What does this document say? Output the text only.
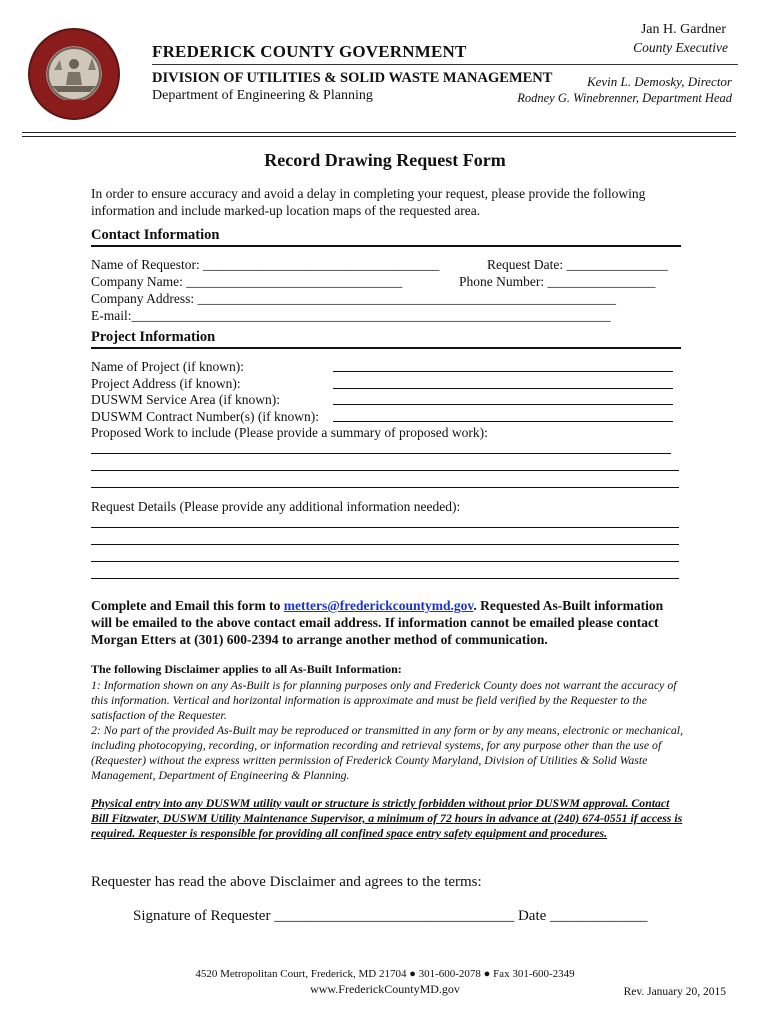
Jan H. Gardner
County Executive
FREDERICK COUNTY GOVERNMENT
DIVISION OF UTILITIES & SOLID WASTE MANAGEMENT	Kevin L. Demosky, Director
Department of Engineering & Planning	Rodney G. Winebrenner, Department Head
Record Drawing Request Form
In order to ensure accuracy and avoid a delay in completing your request, please provide the following information and include marked-up location maps of the requested area.
Contact Information
Name of Requestor: ___________________________________	Request Date: _______________
Company Name: ________________________________	Phone Number: ________________
Company Address: ______________________________________________________________
E-mail:_______________________________________________________________________
Project Information
Name of Project (if known):
Project Address (if known):
DUSWM Service Area (if known):
DUSWM Contract Number(s) (if known):
Proposed Work to include (Please provide a summary of proposed work):
Request Details (Please provide any additional information needed):
Complete and Email this form to metters@frederickcountymd.gov. Requested As-Built information will be emailed to the above contact email address. If information cannot be emailed please contact Morgan Etters at (301) 600-2394 to arrange another method of communication.
The following Disclaimer applies to all As-Built Information:
1: Information shown on any As-Built is for planning purposes only and Frederick County does not warrant the accuracy of this information. Vertical and horizontal information is approximate and must be field verified by the Requester to the satisfaction of the Requester.
2: No part of the provided As-Built may be reproduced or transmitted in any form or by any means, electronic or mechanical, including photocopying, recording, or information recording and retrieval systems, for any purpose other than the use of (Requester) without the express written permission of Frederick County Maryland, Division of Utilities & Solid Waste Management, Department of Engineering & Planning.
Physical entry into any DUSWM utility vault or structure is strictly forbidden without prior DUSWM approval. Contact Bill Fitzwater, DUSWM Utility Maintenance Supervisor, a minimum of 72 hours in advance at (240) 674-0551 if access is required. Requester is responsible for providing all confined space entry safety equipment and procedures.
Requester has read the above Disclaimer and agrees to the terms:
Signature of Requester ________________________________ Date _____________
4520 Metropolitan Court, Frederick, MD 21704 ● 301-600-2078 ● Fax 301-600-2349
www.FrederickCountyMD.gov	Rev. January 20, 2015
